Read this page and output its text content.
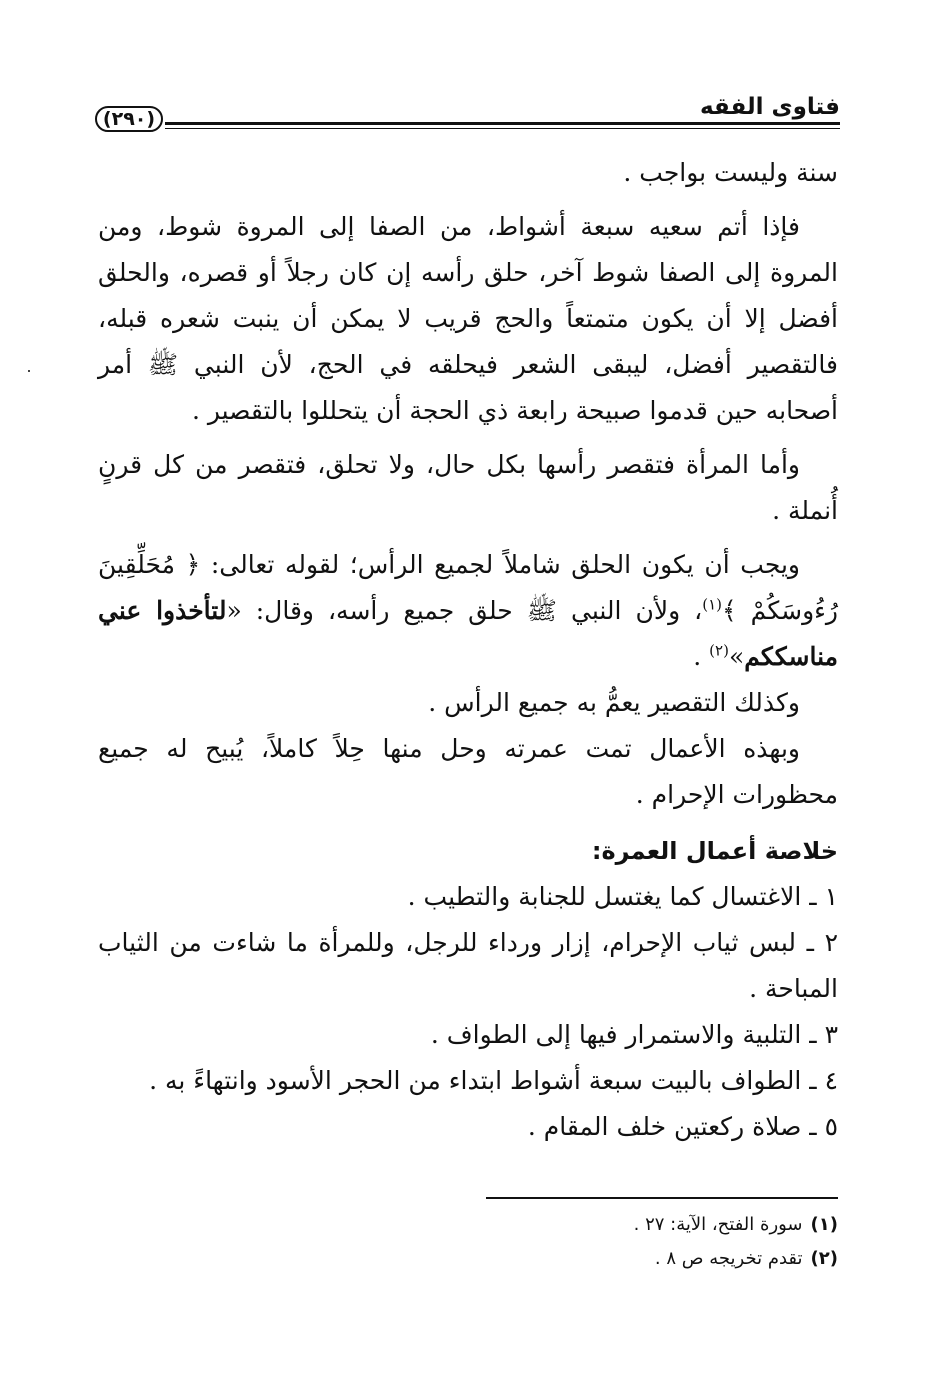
فتاوى الفقه
(٢٩٠)

سنة وليست بواجب .

فإذا أتم سعيه سبعة أشواط، من الصفا إلى المروة شوط، ومن المروة إلى الصفا شوط آخر، حلق رأسه إن كان رجلاً أو قصره، والحلق أفضل إلا أن يكون متمتعاً والحج قريب لا يمكن أن ينبت شعره قبله، فالتقصير أفضل، ليبقى الشعر فيحلقه في الحج، لأن النبي ﷺ أمر أصحابه حين قدموا صبيحة رابعة ذي الحجة أن يتحللوا بالتقصير .

وأما المرأة فتقصر رأسها بكل حال، ولا تحلق، فتقصر من كل قرنٍ أُنملة .

ويجب أن يكون الحلق شاملاً لجميع الرأس؛ لقوله تعالى: ﴿ مُحَلِّقِينَ رُءُوسَكُمْ ﴾$^{(١)}$، ولأن النبي ﷺ حلق جميع رأسه، وقال: «لتأخذوا عني مناسككم»$^{(٢)}$ .

وكذلك التقصير يعمُّ به جميع الرأس .

وبهذه الأعمال تمت عمرته وحل منها حِلاً كاملاً، يُبيح له جميع محظورات الإحرام .

خلاصة أعمال العمرة:

١ ـ الاغتسال كما يغتسل للجنابة والتطيب .

٢ ـ لبس ثياب الإحرام، إزار ورداء للرجل، وللمرأة ما شاءت من الثياب المباحة .

٣ ـ التلبية والاستمرار فيها إلى الطواف .

٤ ـ الطواف بالبيت سبعة أشواط ابتداء من الحجر الأسود وانتهاءً به .

٥ ـ صلاة ركعتين خلف المقام .

(١)سورة الفتح، الآية: ٢٧ .

(٢)تقدم تخريجه ص ٨ .
